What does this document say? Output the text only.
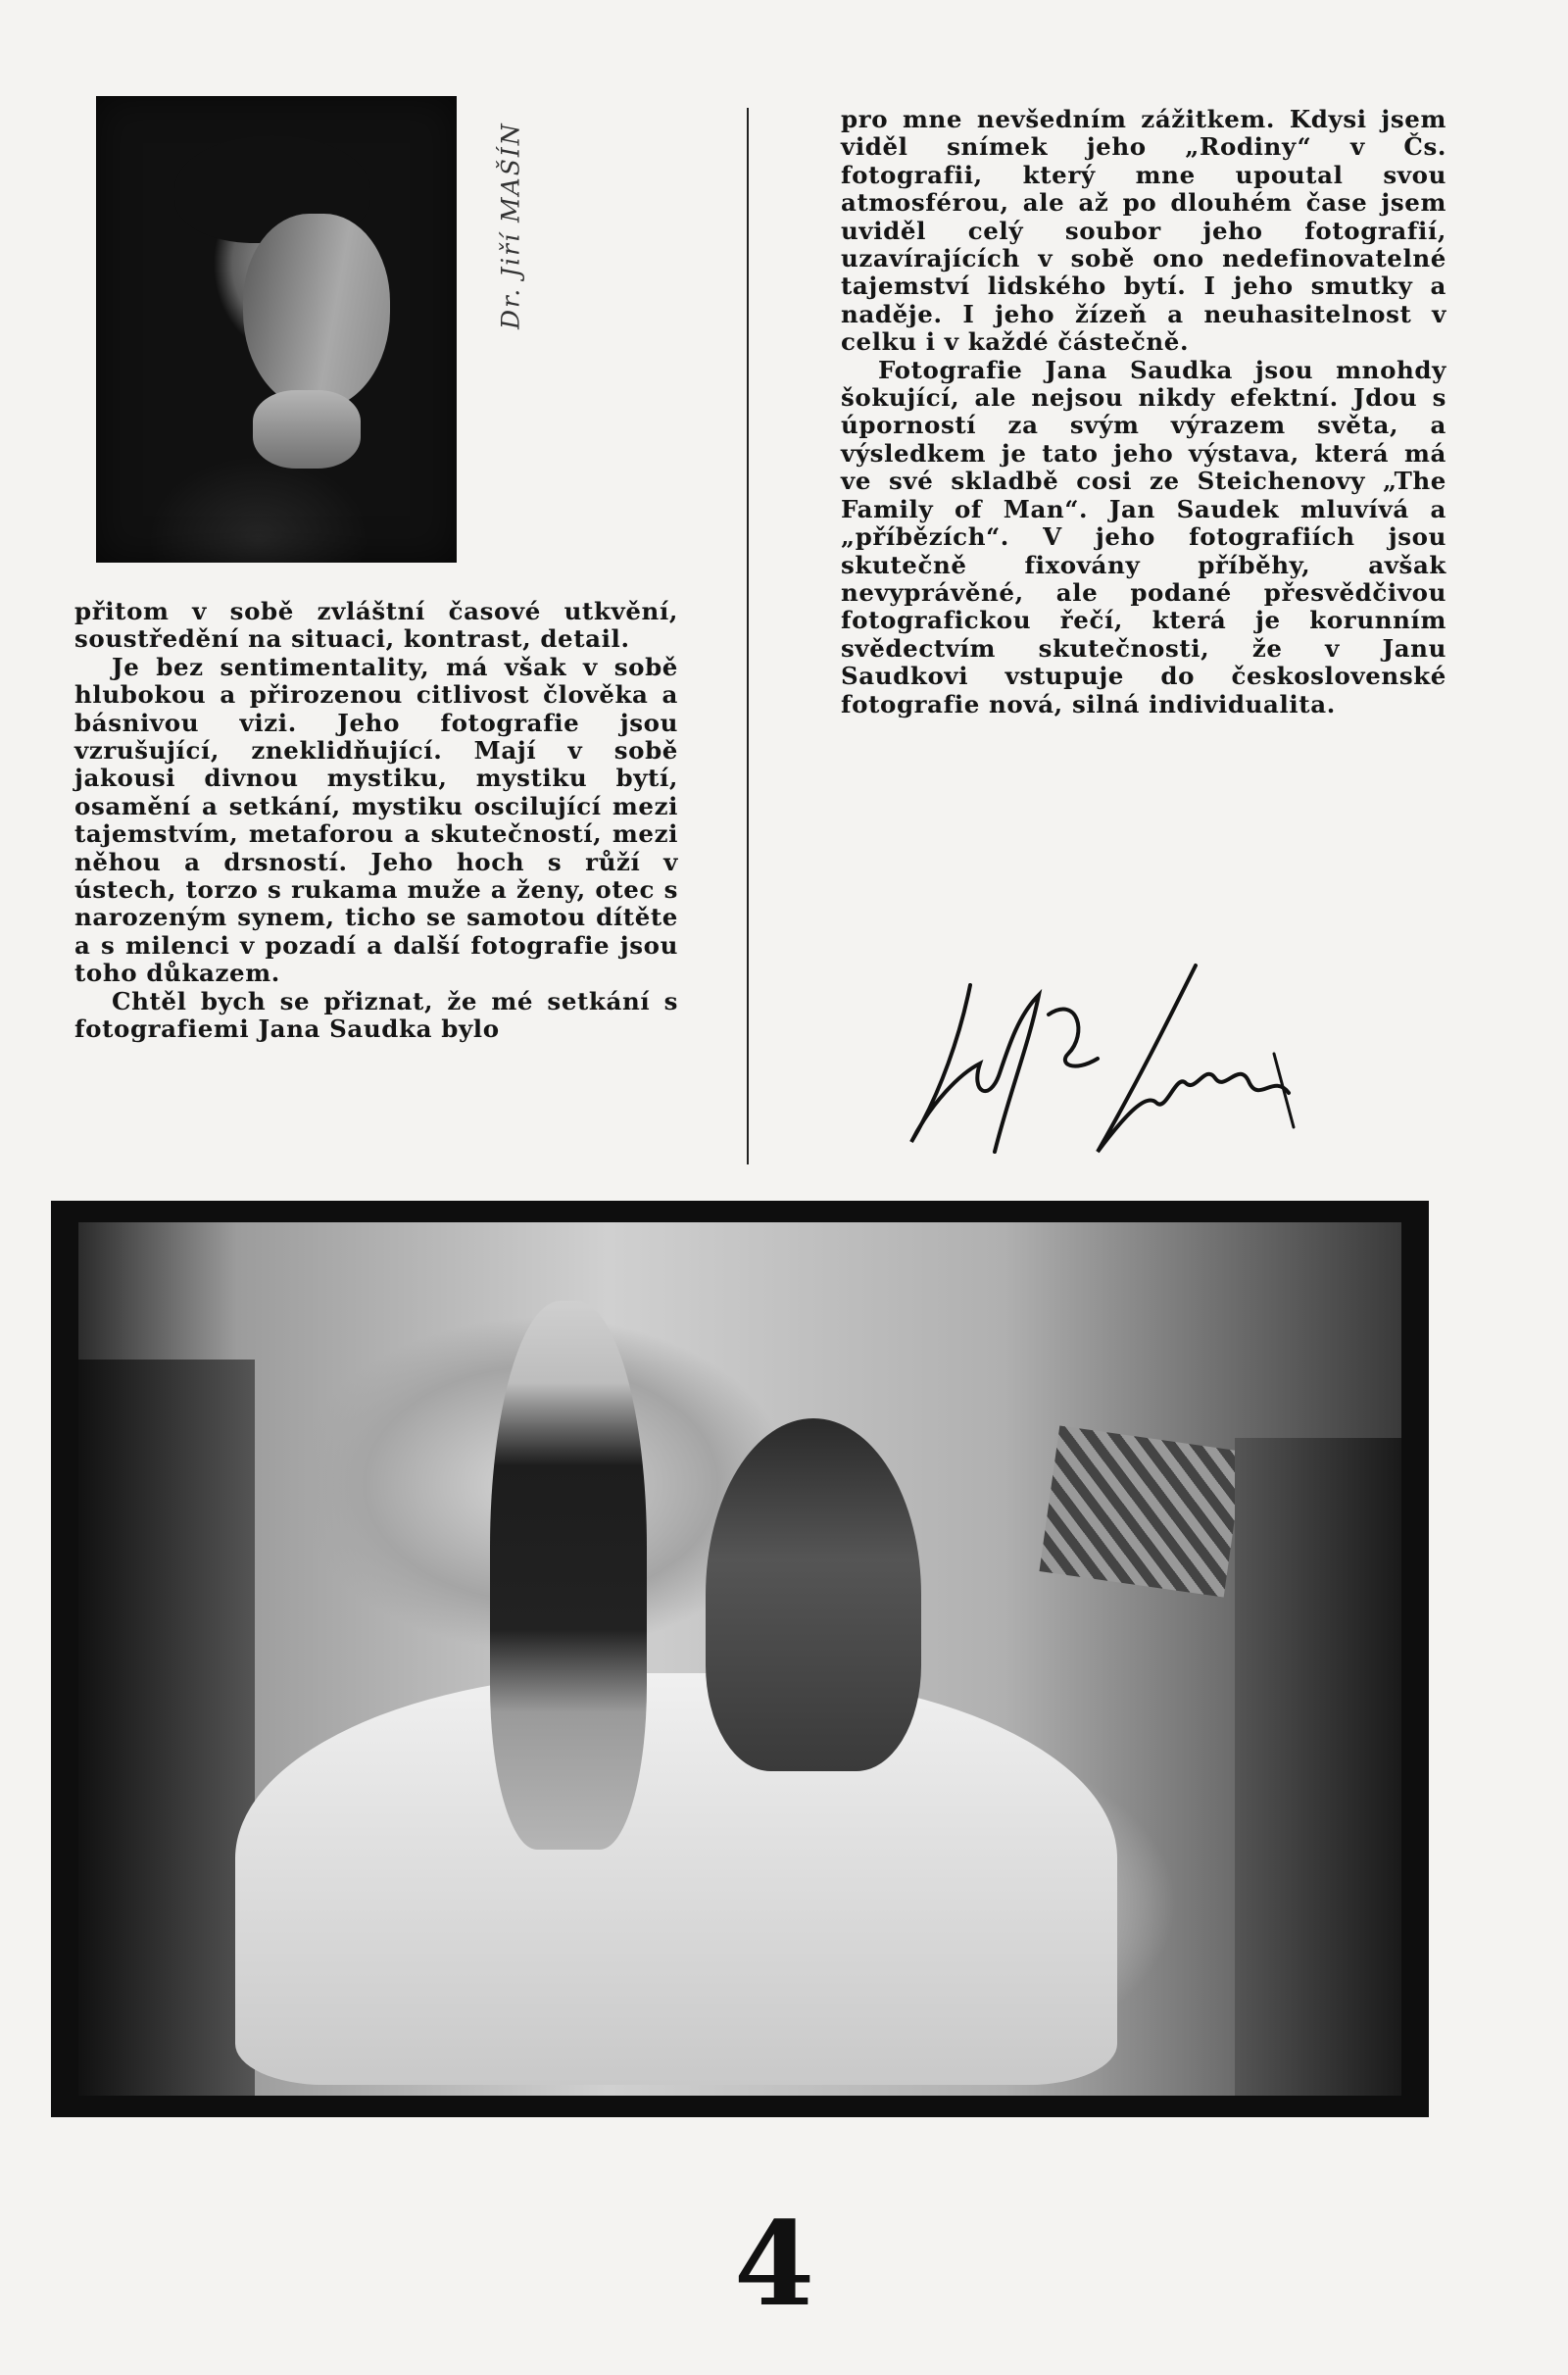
Dr. Jiří MAŠÍN

přitom v sobě zvláštní časové utkvění, soustředění na situaci, kontrast, detail.

Je bez sentimentality, má však v sobě hlubokou a přirozenou citlivost člověka a básnivou vizi. Jeho fotografie jsou vzrušující, zneklidňující. Mají v sobě jakousi divnou mystiku, mystiku bytí, osamění a setkání, mystiku oscilující mezi tajemstvím, metaforou a skutečností, mezi něhou a drsností. Jeho hoch s růží v ústech, torzo s rukama muže a ženy, otec s narozeným synem, ticho se samotou dítěte a s milenci v pozadí a další fotografie jsou toho důkazem.

Chtěl bych se přiznat, že mé setkání s fotografiemi Jana Saudka bylo

pro mne nevšedním zážitkem. Kdysi jsem viděl snímek jeho „Rodiny“ v Čs. fotografii, který mne upoutal svou atmosférou, ale až po dlouhém čase jsem uviděl celý soubor jeho fotografií, uzavírajících v sobě ono nedefinovatelné tajemství lidského bytí. I jeho smutky a naděje. I jeho žízeň a neuhasitelnost v celku i v každé částečně.

Fotografie Jana Saudka jsou mnohdy šokující, ale nejsou nikdy efektní. Jdou s úporností za svým výrazem světa, a výsledkem je tato jeho výstava, která má ve své skladbě cosi ze Steichenovy „The Family of Man“. Jan Saudek mluvívá a „příbězích“. V jeho fotografiích jsou skutečně fixovány příběhy, avšak nevyprávěné, ale podané přesvědčivou fotografickou řečí, která je korunním svědectvím skutečnosti, že v Janu Saudkovi vstupuje do československé fotografie nová, silná individualita.

4
